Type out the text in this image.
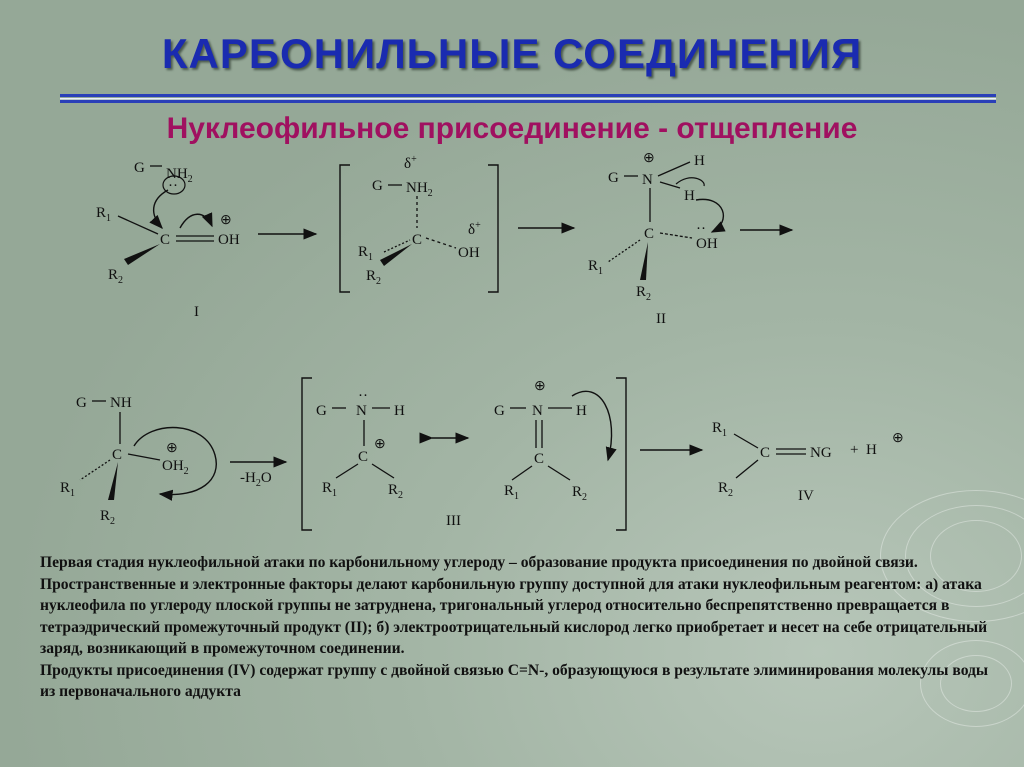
КАРБОНИЛЬНЫЕ СОЕДИНЕНИЯ
Нуклеофильное присоединение - отщепление
G $NH_2$
··
$R_1$
C	OH
⊕
$R_2$
I
δ+
G $NH_2$
C
OH
δ+
$R_1$
$R_2$
⊕	H
G N
H
C	··
OH
$R_1$
$R_2$
II
G NH
C
$OH_2$
⊕
$R_1$
$R_2$
$-H_2O$
G
··
N H
C
⊕
$R_1$	$R_2$
⊕
G N H
C
$R_1$	$R_2$
III
$R_1$
C	NG +  H
⊕
$R_2$	IV

Первая стадия нуклеофильной атаки по карбонильному углероду – образование продукта присоединения по двойной связи. Пространственные и электронные факторы делают карбонильную группу доступной для атаки нуклеофильным реагентом: а) атака нуклеофила по углероду плоской группы не затруднена, тригональный углерод относительно беспрепятственно превращается в тетраэдрический промежуточный продукт (II); б) электроотрицательный кислород легко приобретает и несет на себе отрицательный заряд, возникающий в промежуточном соединении.

Продукты присоединения (IV) содержат группу с двойной связью C=N-, образующуюся в результате элиминирования молекулы воды из первоначального аддукта
